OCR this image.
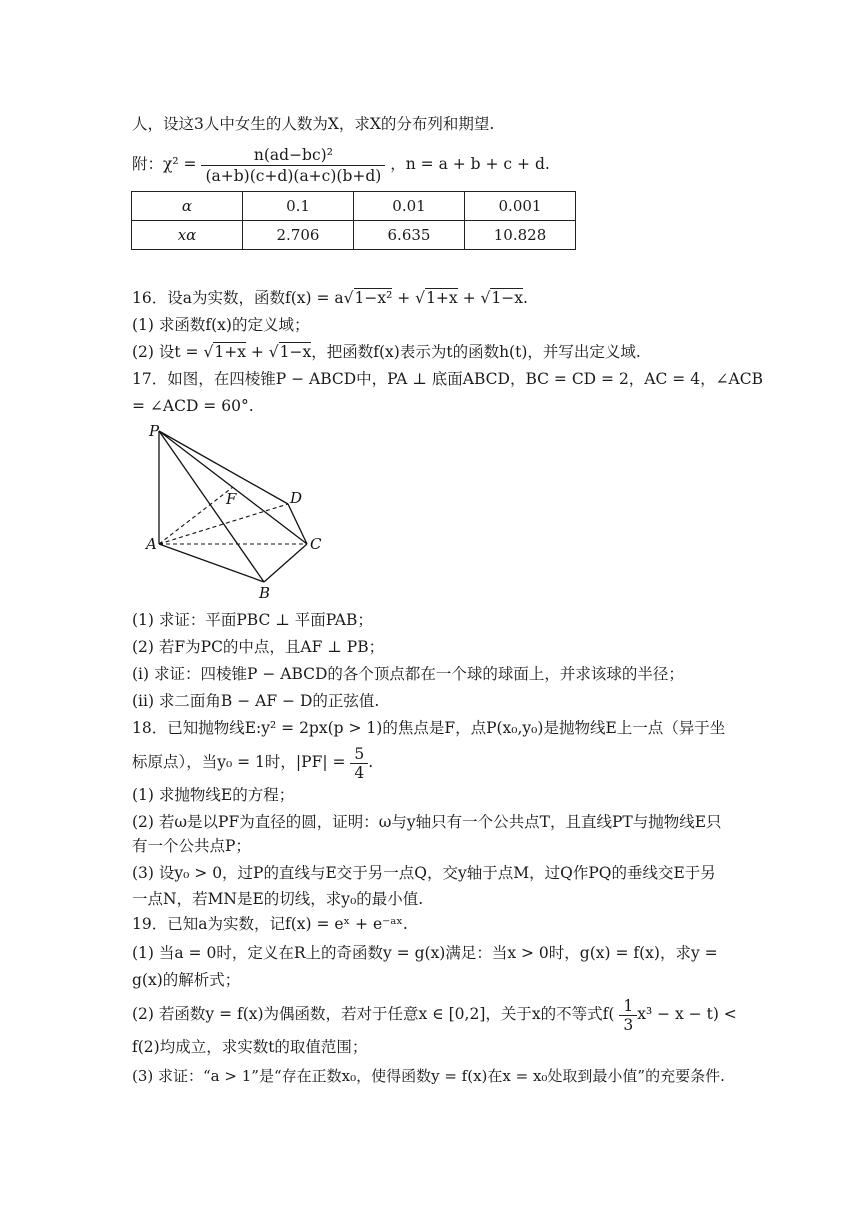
人，设这3人中女生的人数为X，求X的分布列和期望.
附：$\chi^2 = \frac{\text{n(ad−bc)²}}{(a+b)(c+d)(a+c)(b+d)}$ ，n = a + b + c + d.
α	0.1	0.01	0.001
xα	2.706	6.635	10.828
16．设a为实数，函数f(x) = a√1−x² + √1+x + √1−x.
(1) 求函数f(x)的定义域；
(2) 设t = √1+x + √1−x，把函数f(x)表示为t的函数h(t)，并写出定义域.
17．如图，在四棱锥P − ABCD中，PA ⊥ 底面ABCD，BC = CD = 2，AC = 4，∠ACB
= ∠ACD = 60°.
P
A
B
C
D
F
(1) 求证：平面PBC ⊥ 平面PAB；
(2) 若F为PC的中点，且AF ⊥ PB；
(i) 求证：四棱锥P − ABCD的各个顶点都在一个球的球面上，并求该球的半径；
(ii) 求二面角B − AF − D的正弦值.
18．已知抛物线E:y² = 2px(p > 1)的焦点是F，点P(x₀,y₀)是抛物线E上一点（异于坐
标原点），当y₀ = 1时，$|PF| = \frac{5}{4}$ .
(1) 求抛物线E的方程；
(2) 若ω是以PF为直径的圆，证明：ω与y轴只有一个公共点T，且直线PT与抛物线E只
有一个公共点P；
(3) 设y₀ > 0，过P的直线与E交于另一点Q，交y轴于点M，过Q作PQ的垂线交E于另
一点N，若MN是E的切线，求y₀的最小值.
19．已知a为实数，记f(x) = eˣ + e⁻ᵃˣ.
(1) 当a = 0时，定义在R上的奇函数y = g(x)满足：当x > 0时，g(x) = f(x)，求y =
g(x)的解析式；
(2) 若函数y = f(x)为偶函数，若对于任意x ∈ [0,2]，关于x的不等式$f( \frac{1}{3} x^3 - x - t)$ <
f(2)均成立，求实数t的取值范围；
(3) 求证：“a > 1”是“存在正数x₀，使得函数y = f(x)在x = x₀处取到最小值”的充要条件.
